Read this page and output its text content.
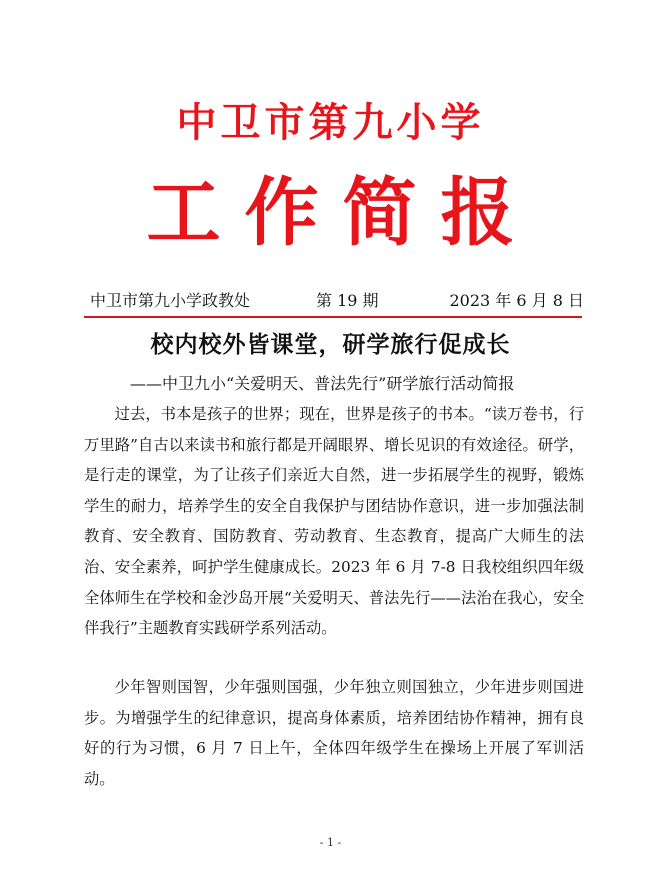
中卫市第九小学
工作简报
中卫市第九小学政教处	第 19 期	2023 年 6 月 8 日
校内校外皆课堂，研学旅行促成长
——中卫九小“关爱明天、普法先行”研学旅行活动简报

过去，书本是孩子的世界；现在，世界是孩子的书本。“读万卷书，行万里路”自古以来读书和旅行都是开阔眼界、增长见识的有效途径。研学，是行走的课堂，为了让孩子们亲近大自然，进一步拓展学生的视野，锻炼学生的耐力，培养学生的安全自我保护与团结协作意识，进一步加强法制教育、安全教育、国防教育、劳动教育、生态教育，提高广大师生的法治、安全素养，呵护学生健康成长。2023 年 6 月 7-8 日我校组织四年级全体师生在学校和金沙岛开展“关爱明天、普法先行——法治在我心，安全伴我行”主题教育实践研学系列活动。

少年智则国智，少年强则国强，少年独立则国独立，少年进步则国进步。为增强学生的纪律意识，提高身体素质，培养团结协作精神，拥有良好的行为习惯，6 月 7 日上午，全体四年级学生在操场上开展了军训活动。

- 1 -
